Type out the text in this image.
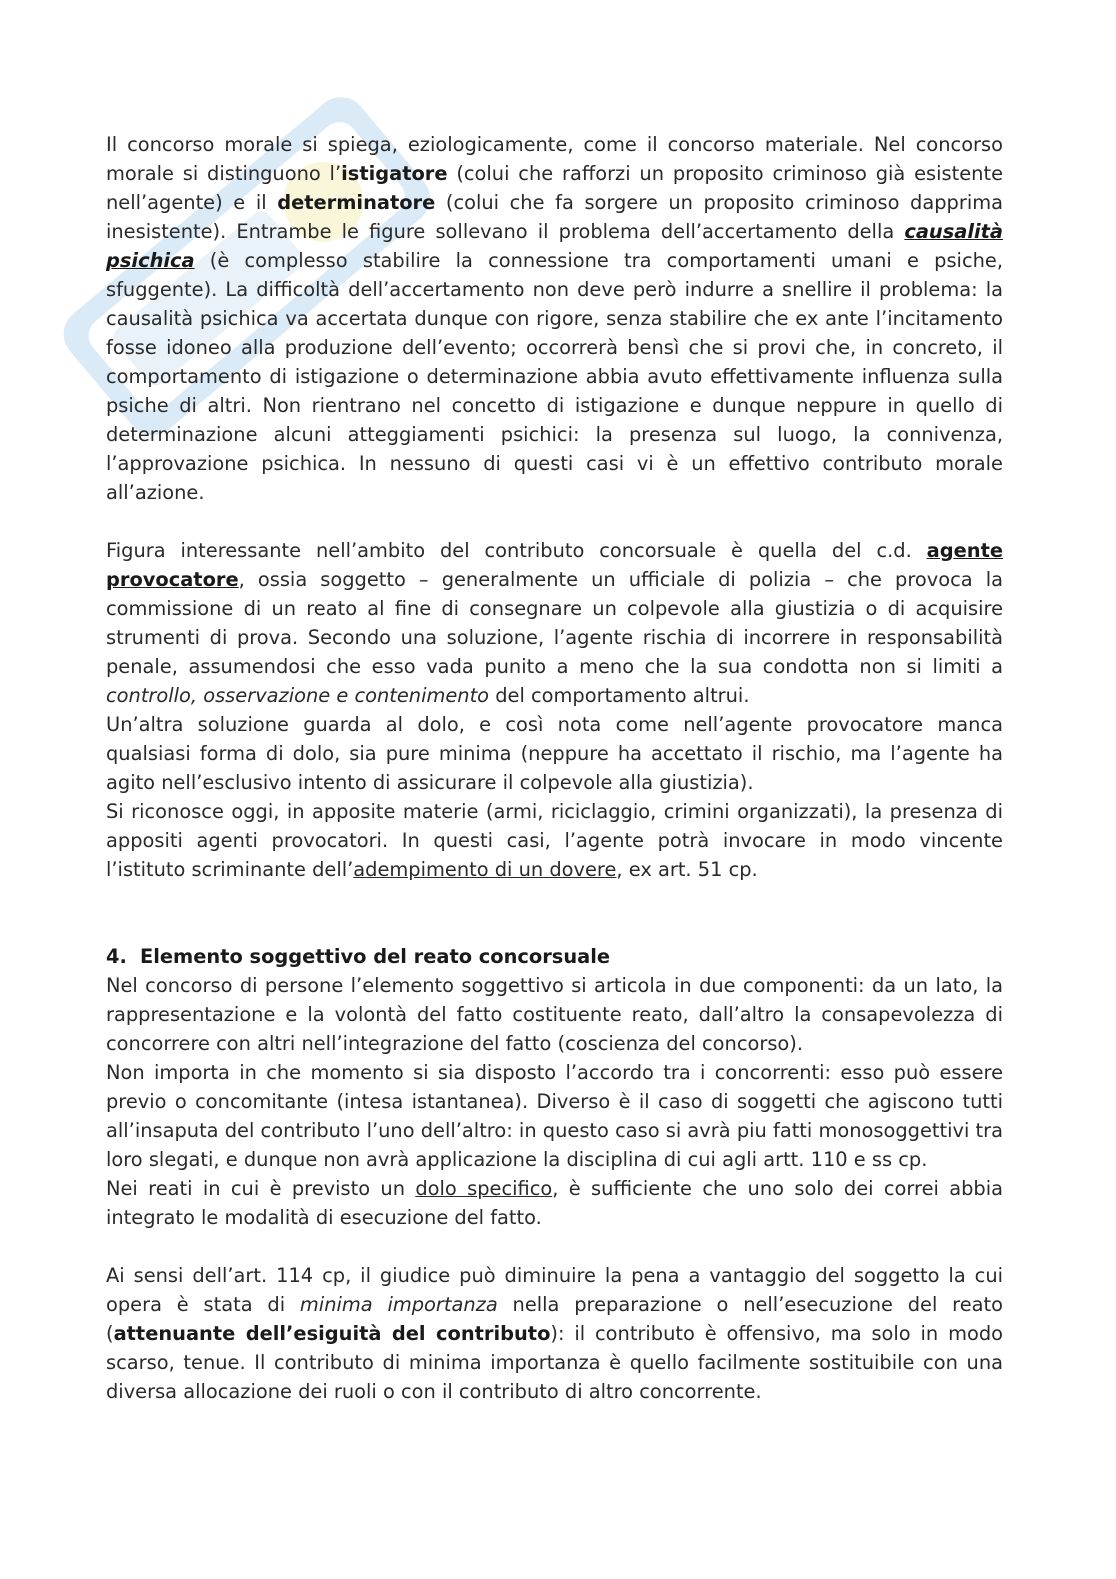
Il concorso morale si spiega, eziologicamente, come il concorso materiale. Nel concorso morale si distinguono l’istigatore (colui che rafforzi un proposito criminoso già esistente nell’agente) e il determinatore (colui che fa sorgere un proposito criminoso dapprima inesistente). Entrambe le figure sollevano il problema dell’accertamento della causalità psichica (è complesso stabilire la connessione tra comportamenti umani e psiche, sfuggente). La difficoltà dell’accertamento non deve però indurre a snellire il problema: la causalità psichica va accertata dunque con rigore, senza stabilire che ex ante l’incitamento fosse idoneo alla produzione dell’evento; occorrerà bensì che si provi che, in concreto, il comportamento di istigazione o determinazione abbia avuto effettivamente influenza sulla psiche di altri. Non rientrano nel concetto di istigazione e dunque neppure in quello di determinazione alcuni atteggiamenti psichici: la presenza sul luogo, la connivenza, l’approvazione psichica. In nessuno di questi casi vi è un effettivo contributo morale all’azione.

Figura interessante nell’ambito del contributo concorsuale è quella del c.d. agente provocatore, ossia soggetto – generalmente un ufficiale di polizia – che provoca la commissione di un reato al fine di consegnare un colpevole alla giustizia o di acquisire strumenti di prova. Secondo una soluzione, l’agente rischia di incorrere in responsabilità penale, assumendosi che esso vada punito a meno che la sua condotta non si limiti a controllo, osservazione e contenimento del comportamento altrui.

Un’altra soluzione guarda al dolo, e così nota come nell’agente provocatore manca qualsiasi forma di dolo, sia pure minima (neppure ha accettato il rischio, ma l’agente ha agito nell’esclusivo intento di assicurare il colpevole alla giustizia).

Si riconosce oggi, in apposite materie (armi, riciclaggio, crimini organizzati), la presenza di appositi agenti provocatori. In questi casi, l’agente potrà invocare in modo vincente l’istituto scriminante dell’adempimento di un dovere, ex art. 51 cp.

4. Elemento soggettivo del reato concorsuale

Nel concorso di persone l’elemento soggettivo si articola in due componenti: da un lato, la rappresentazione e la volontà del fatto costituente reato, dall’altro la consapevolezza di concorrere con altri nell’integrazione del fatto (coscienza del concorso).

Non importa in che momento si sia disposto l’accordo tra i concorrenti: esso può essere previo o concomitante (intesa istantanea). Diverso è il caso di soggetti che agiscono tutti all’insaputa del contributo l’uno dell’altro: in questo caso si avrà piu fatti monosoggettivi tra loro slegati, e dunque non avrà applicazione la disciplina di cui agli artt. 110 e ss cp.

Nei reati in cui è previsto un dolo specifico, è sufficiente che uno solo dei correi abbia integrato le modalità di esecuzione del fatto.

Ai sensi dell’art. 114 cp, il giudice può diminuire la pena a vantaggio del soggetto la cui opera è stata di minima importanza nella preparazione o nell’esecuzione del reato (attenuante dell’esiguità del contributo): il contributo è offensivo, ma solo in modo scarso, tenue. Il contributo di minima importanza è quello facilmente sostituibile con una diversa allocazione dei ruoli o con il contributo di altro concorrente.
